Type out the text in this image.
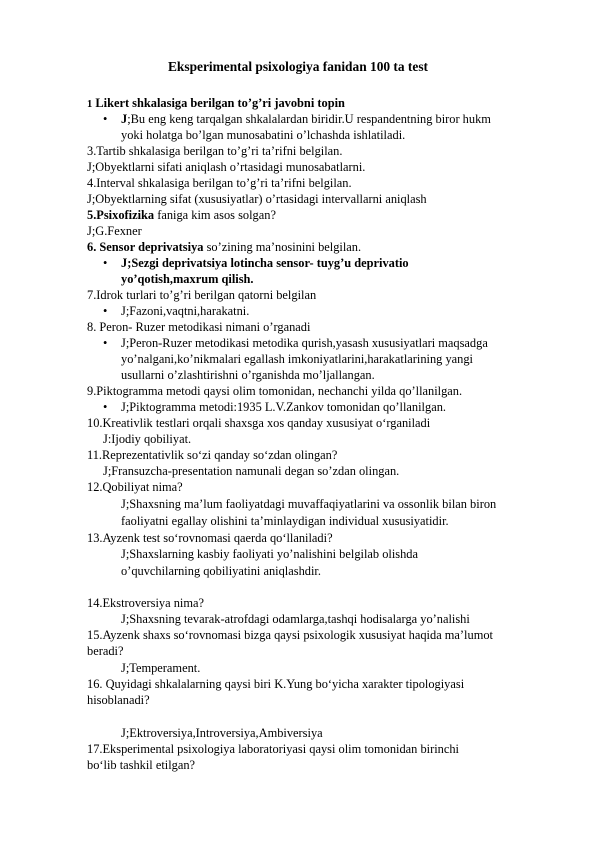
Eksperimental psixologiya fanidan 100 ta test
1 Likert shkalasiga berilgan to’g’ri javobni topin
• J;Bu eng keng tarqalgan shkalalardan biridir.U respandentning biror hukm
yoki holatga bo’lgan munosabatini o’lchashda ishlatiladi.
3.Tartib shkalasiga berilgan to’g’ri ta’rifni belgilan.
J;Obyektlarni sifati aniqlash o’rtasidagi munosabatlarni.
4.Interval shkalasiga berilgan to’g’ri ta’rifni belgilan.
J;Obyektlarning sifat (xususiyatlar) o’rtasidagi intervallarni aniqlash
5.Psixofizika faniga kim asos solgan?
J;G.Fexner
6. Sensor deprivatsiya so’zining ma’nosinini belgilan.
• J;Sezgi deprivatsiya lotincha sensor- tuyg’u deprivatio
yo’qotish,maxrum qilish.
7.Idrok turlari to’g’ri berilgan qatorni belgilan
• J;Fazoni,vaqtni,harakatni.
8. Peron- Ruzer metodikasi nimani o’rganadi
• J;Peron-Ruzer metodikasi metodika qurish,yasash xususiyatlari maqsadga
yo’nalgani,ko’nikmalari egallash imkoniyatlarini,harakatlarining yangi
usullarni o’zlashtirishni o’rganishda mo’ljallangan.
9.Piktogramma metodi qaysi olim tomonidan, nechanchi yilda qo’llanilgan.
• J;Piktogramma metodi:1935 L.V.Zankov tomonidan qo’llanilgan.
10.Kreativlik testlari orqali shaxsga xos qanday xususiyat o‘rganiladi
J:Ijodiy qobiliyat.
11.Reprezentativlik so‘zi qanday so‘zdan olingan?
J;Fransuzcha-presentation namunali degan so’zdan olingan.
12.Qobiliyat nima?
J;Shaxsning ma’lum faoliyatdagi muvaffaqiyatlarini va ossonlik bilan biron
faoliyatni egallay olishini ta’minlaydigan individual xususiyatidir.
13.Ayzenk test so‘rovnomasi qaerda qo‘llaniladi?
J;Shaxslarning kasbiy faoliyati yo’nalishini belgilab olishda
o’quvchilarning qobiliyatini aniqlashdir.
14.Ekstroversiya nima?
J;Shaxsning tevarak-atrofdagi odamlarga,tashqi hodisalarga yo’nalishi
15.Ayzenk shaxs so‘rovnomasi bizga qaysi psixologik xususiyat haqida ma’lumot
beradi?
J;Temperament.
16. Quyidagi shkalalarning qaysi biri K.Yung bo‘yicha xarakter tipologiyasi
hisoblanadi?
J;Ektroversiya,Introversiya,Ambiversiya
17.Eksperimental psixologiya laboratoriyasi qaysi olim tomonidan birinchi
bo‘lib tashkil etilgan?
